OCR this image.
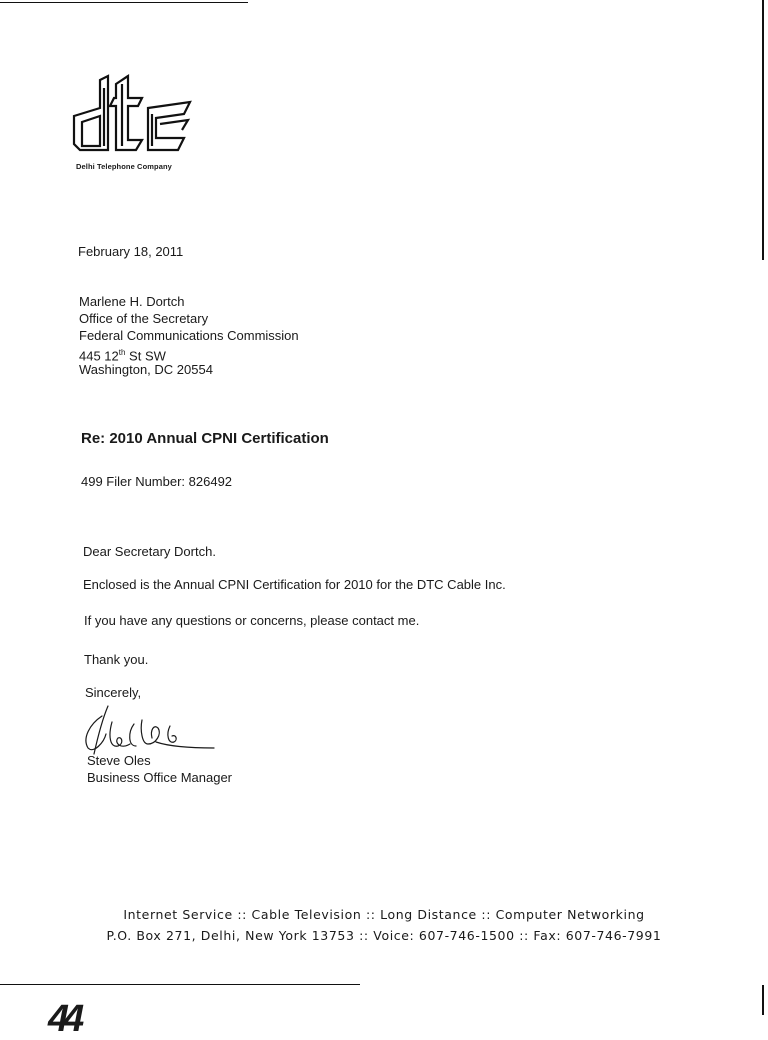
Delhi Telephone Company
February 18, 2011
Marlene H. Dortch
Office of the Secretary
Federal Communications Commission
445 12th St SW
Washington, DC 20554
Re: 2010 Annual CPNI Certification
499 Filer Number: 826492
Dear Secretary Dortch.
Enclosed is the Annual CPNI Certification for 2010 for the DTC Cable Inc.
If you have any questions or concerns, please contact me.
Thank you.
Sincerely,
Steve Oles
Business Office Manager
Internet Service :: Cable Television :: Long Distance :: Computer Networking
P.O. Box 271, Delhi, New York 13753 :: Voice: 607-746-1500 :: Fax: 607-746-7991
44
